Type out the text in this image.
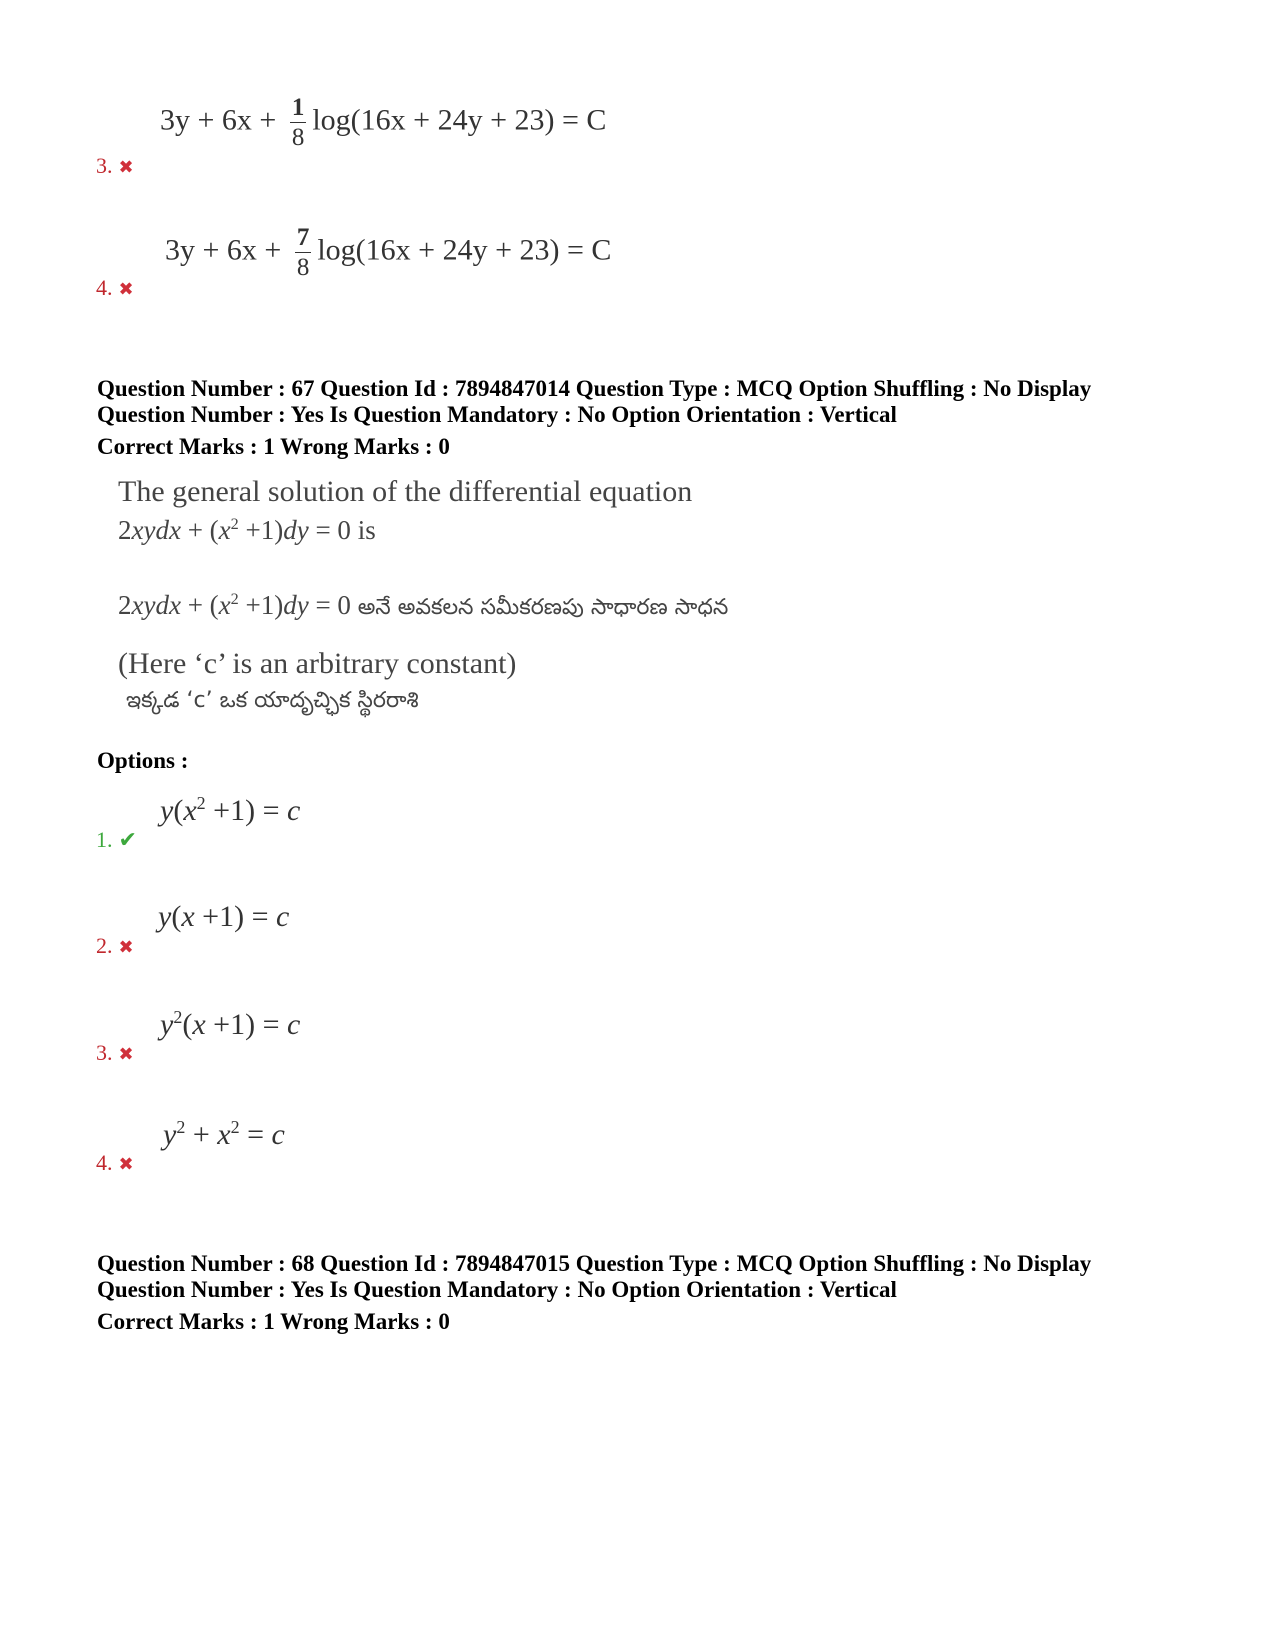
$3y + 6x + \frac{1}{8} \log(16x + 24y + 23) = C$
3. ✖
$3y + 6x + \frac{7}{8} \log(16x + 24y + 23) = C$
4. ✖
Question Number : 67 Question Id : 7894847014 Question Type : MCQ Option Shuffling : No Display
Question Number : Yes Is Question Mandatory : No Option Orientation : Vertical
Correct Marks : 1 Wrong Marks : 0
The general solution of the differential equation
2xydx + $(x^2 +1)dy = 0$ is
2xydx + $(x^2 +1)dy = 0$ అనే అవకలన సమీకరణపు సాధారణ సాధన
(Here ‘c’ is an arbitrary constant)
ఇక్కడ ‘c’ ఒక యాదృచ్ఛిక స్థిరరాశి
Options :
$y(x^2 +1) = c$
1. ✔
y(x +1) = c
2. ✖
$y^2(x +1) = c$
3. ✖
$y^2 + x^2 = c$
4. ✖
Question Number : 68 Question Id : 7894847015 Question Type : MCQ Option Shuffling : No Display
Question Number : Yes Is Question Mandatory : No Option Orientation : Vertical
Correct Marks : 1 Wrong Marks : 0
